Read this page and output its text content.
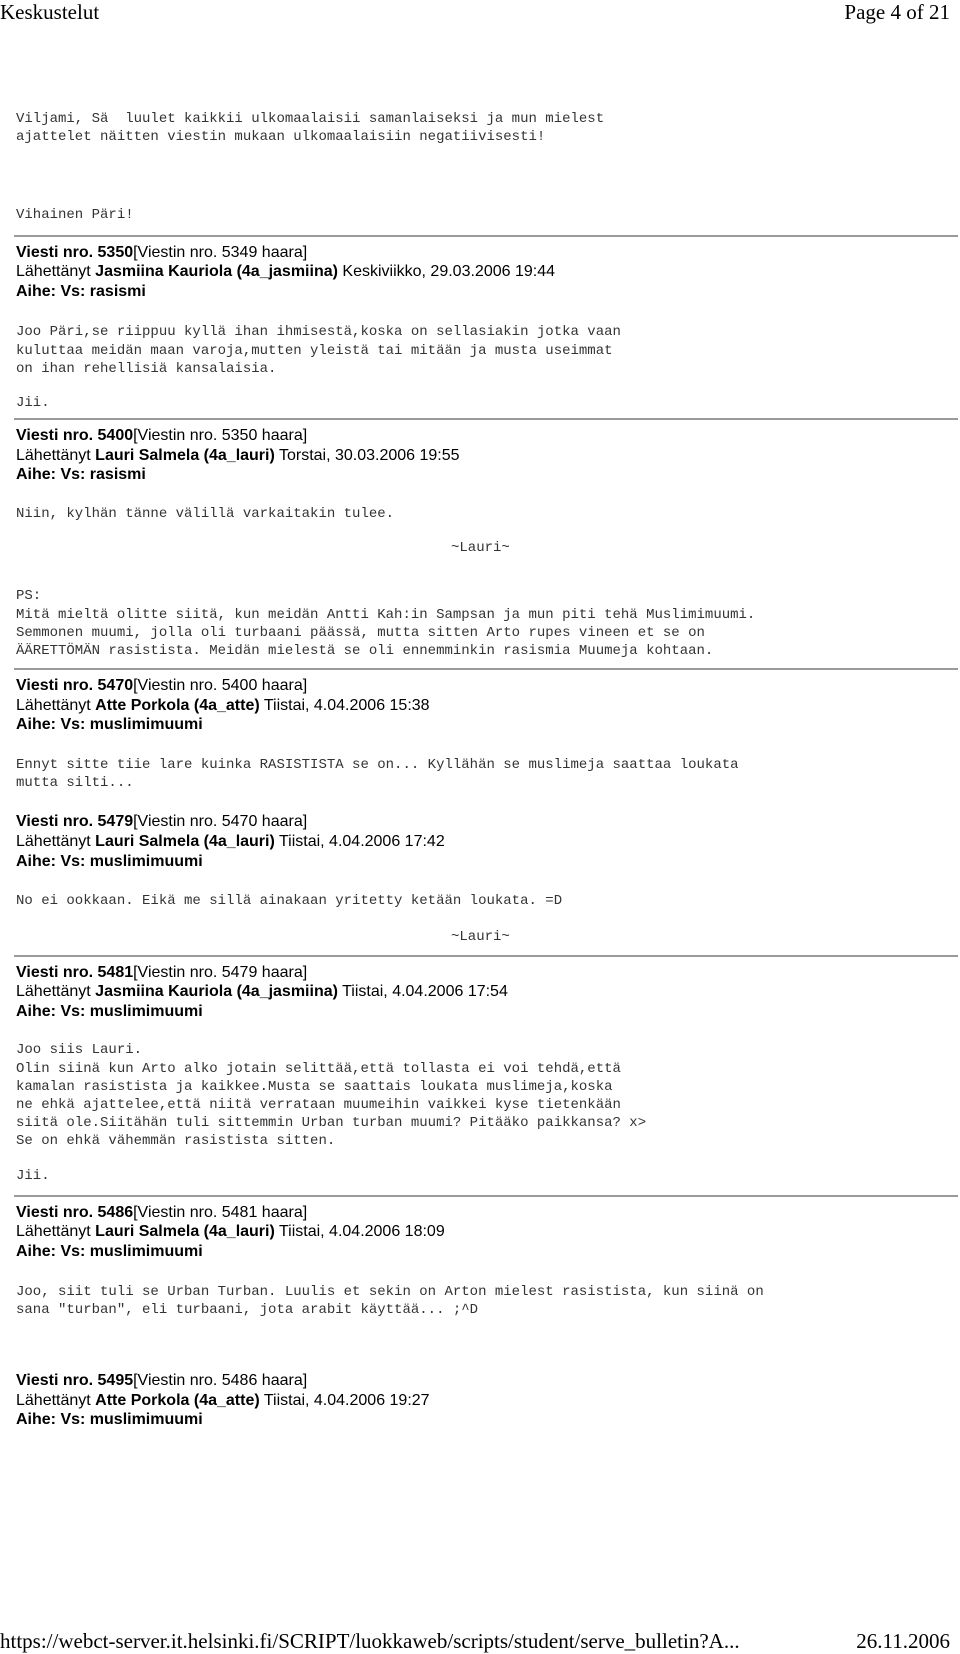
Keskustelut	Page 4 of 21

Viljami, Sä  luulet kaikkii ulkomaalaisii samanlaiseksi ja mun mielest

ajattelet näitten viestin mukaan ulkomaalaisiin negatiivisesti!

Vihainen Päri!

Viesti nro. 5350[Viestin nro. 5349 haara]

Lähettänyt Jasmiina Kauriola (4a_jasmiina) Keskiviikko, 29.03.2006 19:44

Aihe: Vs: rasismi

Joo Päri,se riippuu kyllä ihan ihmisestä,koska on sellasiakin jotka vaan

kuluttaa meidän maan varoja,mutten yleistä tai mitään ja musta useimmat

on ihan rehellisiä kansalaisia.

Jii.

Viesti nro. 5400[Viestin nro. 5350 haara]

Lähettänyt Lauri Salmela (4a_lauri) Torstai, 30.03.2006 19:55

Aihe: Vs: rasismi

Niin, kylhän tänne välillä varkaitakin tulee.

~Lauri~

PS:

Mitä mieltä olitte siitä, kun meidän Antti Kah:in Sampsan ja mun piti tehä Muslimimuumi.

Semmonen muumi, jolla oli turbaani päässä, mutta sitten Arto rupes vineen et se on

ÄÄRETTÖMÄN rasistista. Meidän mielestä se oli ennemminkin rasismia Muumeja kohtaan.

Viesti nro. 5470[Viestin nro. 5400 haara]

Lähettänyt Atte Porkola (4a_atte) Tiistai, 4.04.2006 15:38

Aihe: Vs: muslimimuumi

Ennyt sitte tiie lare kuinka RASISTISTA se on... Kyllähän se muslimeja saattaa loukata

mutta silti...

Viesti nro. 5479[Viestin nro. 5470 haara]

Lähettänyt Lauri Salmela (4a_lauri) Tiistai, 4.04.2006 17:42

Aihe: Vs: muslimimuumi

No ei ookkaan. Eikä me sillä ainakaan yritetty ketään loukata. =D

~Lauri~

Viesti nro. 5481[Viestin nro. 5479 haara]

Lähettänyt Jasmiina Kauriola (4a_jasmiina) Tiistai, 4.04.2006 17:54

Aihe: Vs: muslimimuumi

Joo siis Lauri.

Olin siinä kun Arto alko jotain selittää,että tollasta ei voi tehdä,että

kamalan rasistista ja kaikkee.Musta se saattais loukata muslimeja,koska

ne ehkä ajattelee,että niitä verrataan muumeihin vaikkei kyse tietenkään

siitä ole.Siitähän tuli sittemmin Urban turban muumi? Pitääko paikkansa? x>

Se on ehkä vähemmän rasistista sitten.

Jii.

Viesti nro. 5486[Viestin nro. 5481 haara]

Lähettänyt Lauri Salmela (4a_lauri) Tiistai, 4.04.2006 18:09

Aihe: Vs: muslimimuumi

Joo, siit tuli se Urban Turban. Luulis et sekin on Arton mielest rasistista, kun siinä on

sana "turban", eli turbaani, jota arabit käyttää... ;^D

Viesti nro. 5495[Viestin nro. 5486 haara]

Lähettänyt Atte Porkola (4a_atte) Tiistai, 4.04.2006 19:27

Aihe: Vs: muslimimuumi

https://webct-server.it.helsinki.fi/SCRIPT/luokkaweb/scripts/student/serve_bulletin?A...	26.11.2006
